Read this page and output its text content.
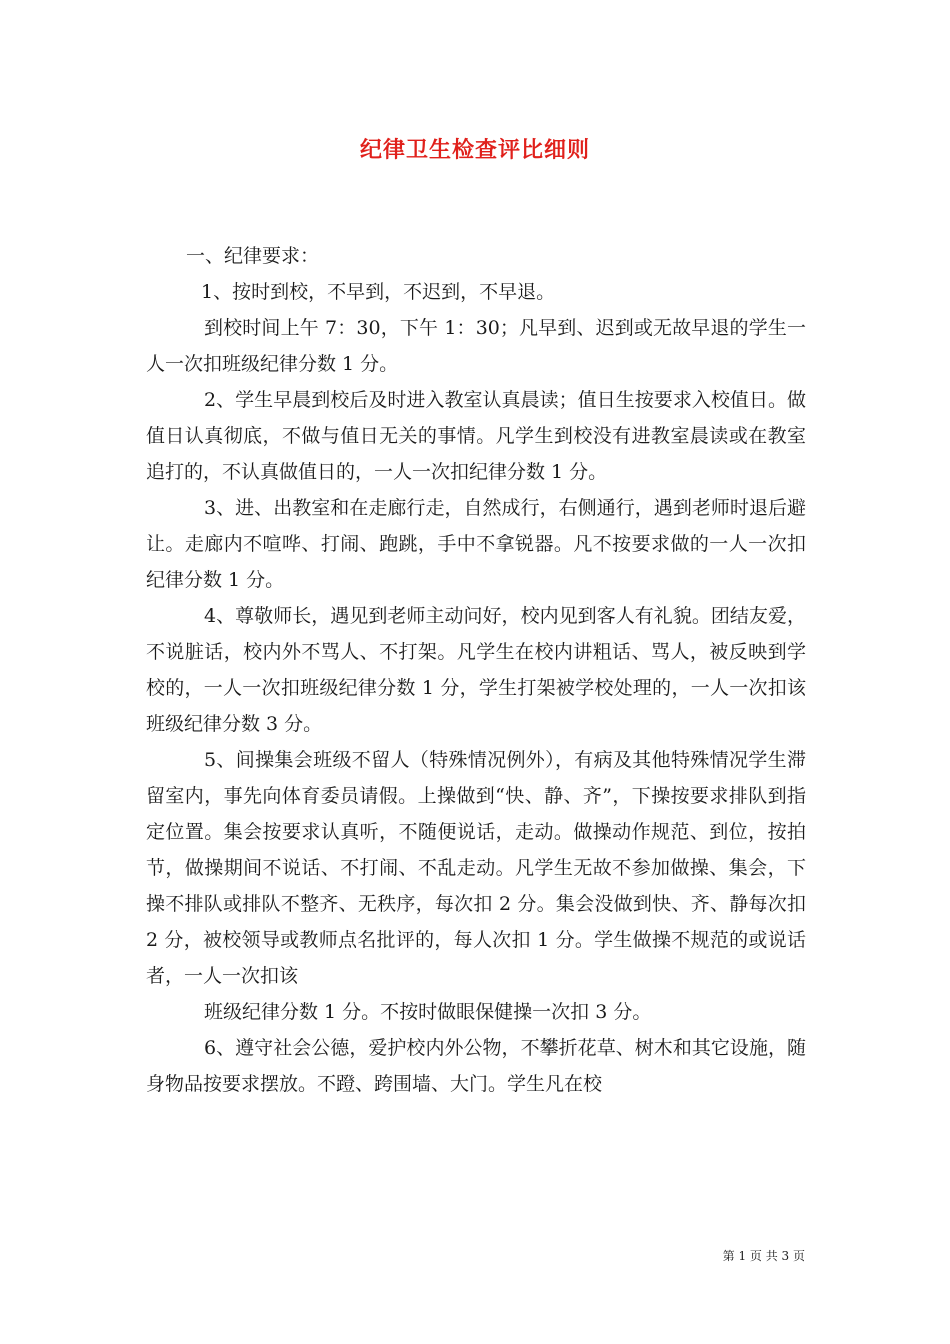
纪律卫生检查评比细则

一、纪律要求：

1、按时到校，不早到，不迟到，不早退。

到校时间上午 7：30，下午 1：30；凡早到、迟到或无故早退的学生一人一次扣班级纪律分数 1 分。

2、学生早晨到校后及时进入教室认真晨读；值日生按要求入校值日。做值日认真彻底，不做与值日无关的事情。凡学生到校没有进教室晨读或在教室追打的，不认真做值日的，一人一次扣纪律分数 1 分。

3、进、出教室和在走廊行走，自然成行，右侧通行，遇到老师时退后避让。走廊内不喧哗、打闹、跑跳，手中不拿锐器。凡不按要求做的一人一次扣纪律分数 1 分。

4、尊敬师长，遇见到老师主动问好，校内见到客人有礼貌。团结友爱，不说脏话，校内外不骂人、不打架。凡学生在校内讲粗话、骂人，被反映到学校的，一人一次扣班级纪律分数 1 分，学生打架被学校处理的，一人一次扣该班级纪律分数 3 分。

5、间操集会班级不留人（特殊情况例外），有病及其他特殊情况学生滞留室内，事先向体育委员请假。上操做到“快、静、齐”，下操按要求排队到指定位置。集会按要求认真听，不随便说话，走动。做操动作规范、到位，按拍节，做操期间不说话、不打闹、不乱走动。凡学生无故不参加做操、集会，下操不排队或排队不整齐、无秩序，每次扣 2 分。集会没做到快、齐、静每次扣 2 分，被校领导或教师点名批评的，每人次扣 1 分。学生做操不规范的或说话者，一人一次扣该

班级纪律分数 1 分。不按时做眼保健操一次扣 3 分。

6、遵守社会公德，爱护校内外公物，不攀折花草、树木和其它设施，随身物品按要求摆放。不蹬、跨围墙、大门。学生凡在校

第 1 页 共 3 页
